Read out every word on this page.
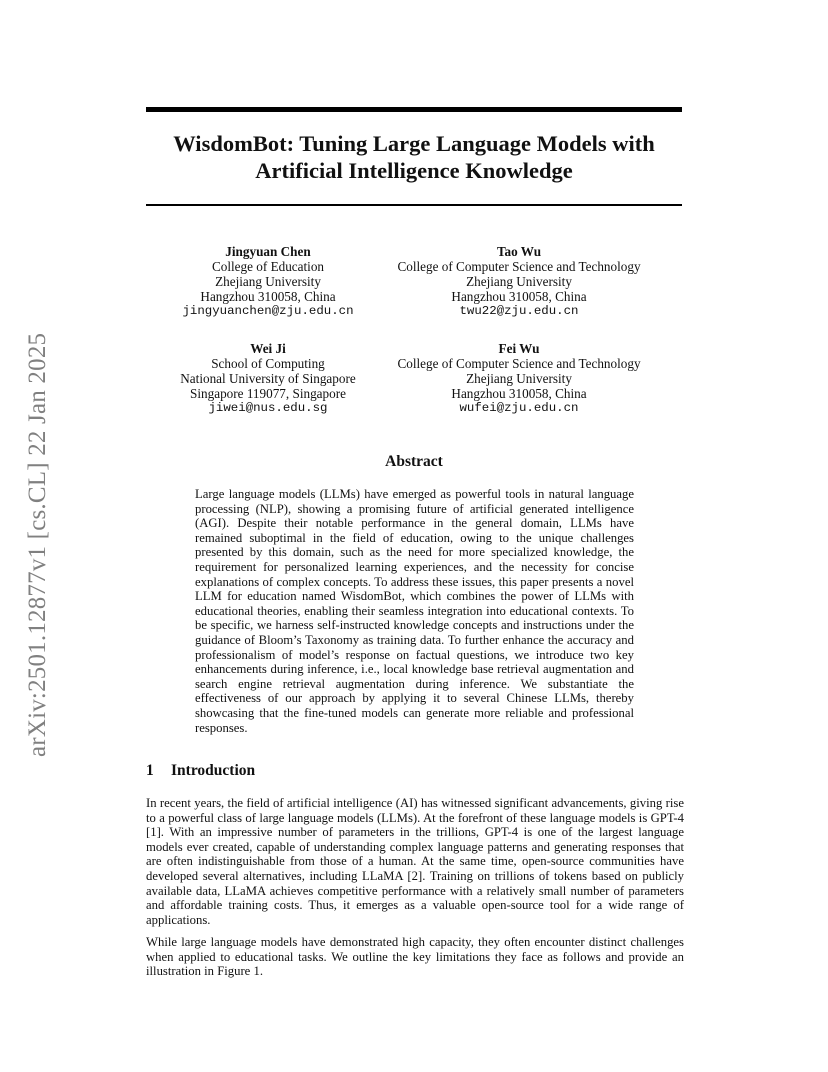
arXiv:2501.12877v1 [cs.CL] 22 Jan 2025
WisdomBot: Tuning Large Language Models with Artificial Intelligence Knowledge
Jingyuan Chen
College of Education
Zhejiang University
Hangzhou 310058, China
jingyuanchen@zju.edu.cn
Tao Wu
College of Computer Science and Technology
Zhejiang University
Hangzhou 310058, China
twu22@zju.edu.cn
Wei Ji
School of Computing
National University of Singapore
Singapore 119077, Singapore
jiwei@nus.edu.sg
Fei Wu
College of Computer Science and Technology
Zhejiang University
Hangzhou 310058, China
wufei@zju.edu.cn
Abstract

Large language models (LLMs) have emerged as powerful tools in natural language processing (NLP), showing a promising future of artificial generated intelligence (AGI). Despite their notable performance in the general domain, LLMs have remained suboptimal in the field of education, owing to the unique challenges presented by this domain, such as the need for more specialized knowledge, the requirement for personalized learning experiences, and the necessity for concise explanations of complex concepts. To address these issues, this paper presents a novel LLM for education named WisdomBot, which combines the power of LLMs with educational theories, enabling their seamless integration into educational contexts. To be specific, we harness self-instructed knowledge concepts and instructions under the guidance of Bloom’s Taxonomy as training data. To further enhance the accuracy and professionalism of model’s response on factual questions, we introduce two key enhancements during inference, i.e., local knowledge base retrieval augmentation and search engine retrieval augmentation during inference. We substantiate the effectiveness of our approach by applying it to several Chinese LLMs, thereby showcasing that the fine-tuned models can generate more reliable and professional responses.

1 Introduction

In recent years, the field of artificial intelligence (AI) has witnessed significant advancements, giving rise to a powerful class of large language models (LLMs). At the forefront of these language models is GPT-4 [1]. With an impressive number of parameters in the trillions, GPT-4 is one of the largest language models ever created, capable of understanding complex language patterns and generating responses that are often indistinguishable from those of a human. At the same time, open-source communities have developed several alternatives, including LLaMA [2]. Training on trillions of tokens based on publicly available data, LLaMA achieves competitive performance with a relatively small number of parameters and affordable training costs. Thus, it emerges as a valuable open-source tool for a wide range of applications.

While large language models have demonstrated high capacity, they often encounter distinct challenges when applied to educational tasks. We outline the key limitations they face as follows and provide an illustration in Figure 1.
